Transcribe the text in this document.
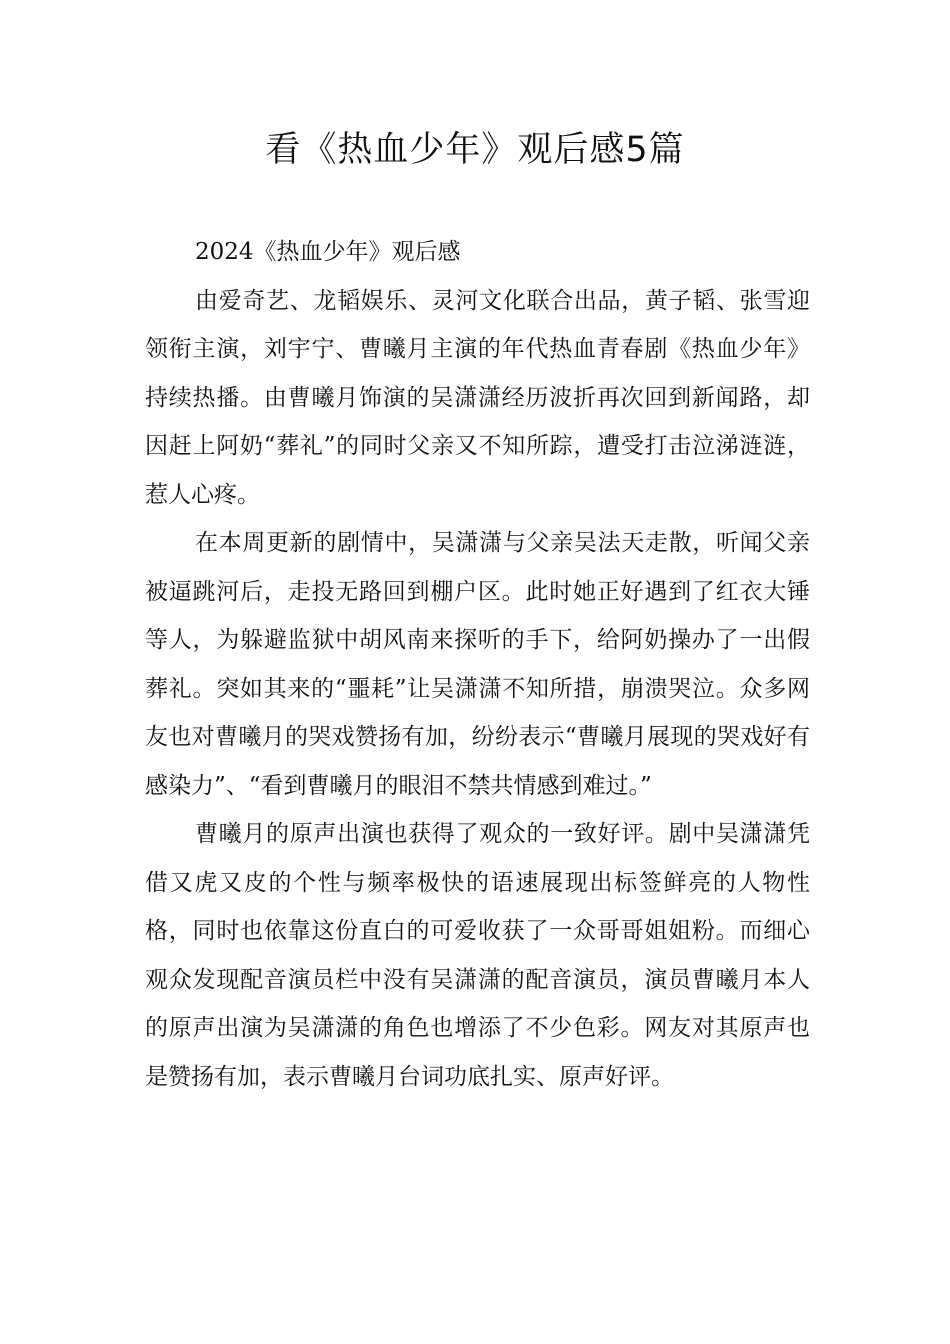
看《热血少年》观后感5篇

2024《热血少年》观后感

由爱奇艺、龙韬娱乐、灵河文化联合出品，黄子韬、张雪迎领衔主演，刘宇宁、曹曦月主演的年代热血青春剧《热血少年》持续热播。由曹曦月饰演的吴潇潇经历波折再次回到新闻路，却因赶上阿奶“葬礼”的同时父亲又不知所踪，遭受打击泣涕涟涟，惹人心疼。

在本周更新的剧情中，吴潇潇与父亲吴法天走散，听闻父亲被逼跳河后，走投无路回到棚户区。此时她正好遇到了红衣大锤等人，为躲避监狱中胡风南来探听的手下，给阿奶操办了一出假葬礼。突如其来的“噩耗”让吴潇潇不知所措，崩溃哭泣。众多网友也对曹曦月的哭戏赞扬有加，纷纷表示“曹曦月展现的哭戏好有感染力”、“看到曹曦月的眼泪不禁共情感到难过。”

曹曦月的原声出演也获得了观众的一致好评。剧中吴潇潇凭借又虎又皮的个性与频率极快的语速展现出标签鲜亮的人物性格，同时也依靠这份直白的可爱收获了一众哥哥姐姐粉。而细心观众发现配音演员栏中没有吴潇潇的配音演员，演员曹曦月本人的原声出演为吴潇潇的角色也增添了不少色彩。网友对其原声也是赞扬有加，表示曹曦月台词功底扎实、原声好评。
